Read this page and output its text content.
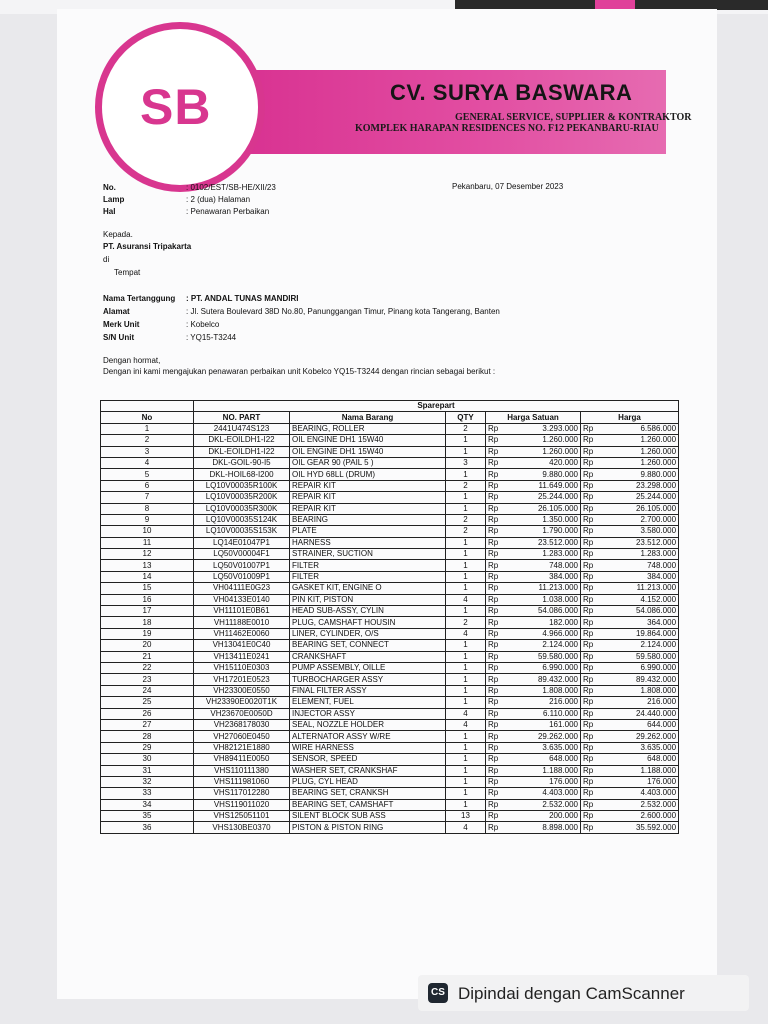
SB	CV. SURYA BASWARA
GENERAL SERVICE, SUPPLIER & KONTRAKTOR
KOMPLEK HARAPAN RESIDENCES NO. F12 PEKANBARU-RIAU
No.	: 0102/EST/SB-HE/XII/23
Lamp	: 2 (dua) Halaman
Hal	: Penawaran Perbaikan
Pekanbaru, 07 Desember 2023
Kepada.
PT. Asuransi Tripakarta
di
Tempat
Nama Tertanggung : PT. ANDAL TUNAS MANDIRI
Alamat	: Jl. Sutera Boulevard 38D No.80, Panunggangan Timur, Pinang kota Tangerang, Banten
Merk Unit	: Kobelco
S/N Unit	: YQ15-T3244
Dengan hormat,
Dengan ini kami mengajukan penawaran perbaikan unit Kobelco YQ15-T3244 dengan rincian sebagai berikut :
	Sparepart						
No	NO. PART	Nama Barang	QTY	Harga Satuan		Harga	
1	2441U474S123	BEARING, ROLLER	2	Rp	3.293.000	Rp	6.586.000
2	DKL-EOILDH1-I22	OIL ENGINE DH1 15W40	1	Rp	1.260.000	Rp	1.260.000
3	DKL-EOILDH1-I22	OIL ENGINE DH1 15W40	1	Rp	1.260.000	Rp	1.260.000
4	DKL-GOIL-90-I5	OIL GEAR 90 (PAIL 5 )	3	Rp	420.000	Rp	1.260.000
5	DKL-HOIL68-I200	OIL HYD 68LL (DRUM)	1	Rp	9.880.000	Rp	9.880.000
6	LQ10V00035R100K	REPAIR KIT	2	Rp	11.649.000	Rp	23.298.000
7	LQ10V00035R200K	REPAIR KIT	1	Rp	25.244.000	Rp	25.244.000
8	LQ10V00035R300K	REPAIR KIT	1	Rp	26.105.000	Rp	26.105.000
9	LQ10V00035S124K	BEARING	2	Rp	1.350.000	Rp	2.700.000
10	LQ10V00035S153K	PLATE	2	Rp	1.790.000	Rp	3.580.000
11	LQ14E01047P1	HARNESS	1	Rp	23.512.000	Rp	23.512.000
12	LQ50V00004F1	STRAINER, SUCTION	1	Rp	1.283.000	Rp	1.283.000
13	LQ50V01007P1	FILTER	1	Rp	748.000	Rp	748.000
14	LQ50V01009P1	FILTER	1	Rp	384.000	Rp	384.000
15	VH04111E0G23	GASKET KIT, ENGINE O	1	Rp	11.213.000	Rp	11.213.000
16	VH04133E0140	PIN KIT, PISTON	4	Rp	1.038.000	Rp	4.152.000
17	VH11101E0B61	HEAD SUB-ASSY, CYLIN	1	Rp	54.086.000	Rp	54.086.000
18	VH11188E0010	PLUG, CAMSHAFT HOUSIN	2	Rp	182.000	Rp	364.000
19	VH11462E0060	LINER, CYLINDER, O/S	4	Rp	4.966.000	Rp	19.864.000
20	VH13041E0C40	BEARING SET, CONNECT	1	Rp	2.124.000	Rp	2.124.000
21	VH13411E0241	CRANKSHAFT	1	Rp	59.580.000	Rp	59.580.000
22	VH15110E0303	PUMP ASSEMBLY, OILLE	1	Rp	6.990.000	Rp	6.990.000
23	VH17201E0523	TURBOCHARGER ASSY	1	Rp	89.432.000	Rp	89.432.000
24	VH23300E0550	FINAL FILTER ASSY	1	Rp	1.808.000	Rp	1.808.000
25	VH23390E0020T1K	ELEMENT, FUEL	1	Rp	216.000	Rp	216.000
26	VH23670E0050D	INJECTOR ASSY	4	Rp	6.110.000	Rp	24.440.000
27	VH2368178030	SEAL, NOZZLE HOLDER	4	Rp	161.000	Rp	644.000
28	VH27060E0450	ALTERNATOR ASSY W/RE	1	Rp	29.262.000	Rp	29.262.000
29	VH82121E1880	WIRE HARNESS	1	Rp	3.635.000	Rp	3.635.000
30	VH89411E0050	SENSOR, SPEED	1	Rp	648.000	Rp	648.000
31	VHS110111380	WASHER SET, CRANKSHAF	1	Rp	1.188.000	Rp	1.188.000
32	VHS111981060	PLUG, CYL HEAD	1	Rp	176.000	Rp	176.000
33	VHS117012280	BEARING SET, CRANKSH	1	Rp	4.403.000	Rp	4.403.000
34	VHS119011020	BEARING SET, CAMSHAFT	1	Rp	2.532.000	Rp	2.532.000
35	VHS125051101	SILENT BLOCK SUB ASS	13	Rp	200.000	Rp	2.600.000
36	VHS130BE0370	PISTON & PISTON RING	4	Rp	8.898.000	Rp	35.592.000
CS Dipindai dengan CamScanner
